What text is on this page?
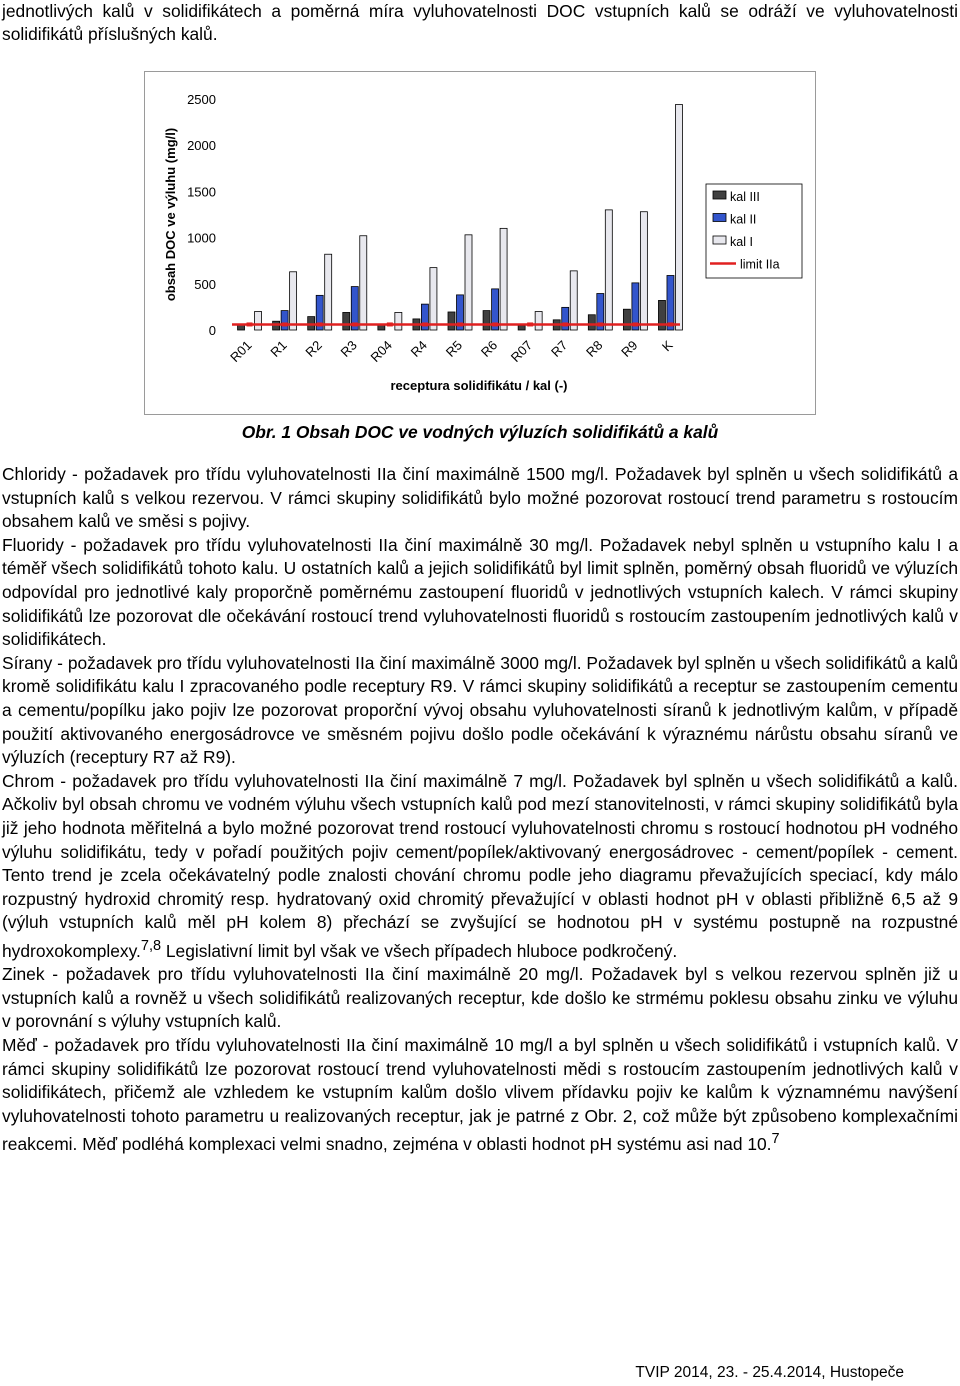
jednotlivých kalů v solidifikátech a poměrná míra vyluhovatelnosti DOC vstupních kalů se odráží ve vyluhovatelnosti solidifikátů příslušných kalů.
0
500
1000
1500
2000
2500
obsah DOC ve výluhu (mg/l)
R01 R1 R2 R3 R04 R4 R5 R6 R07 R7 R8 R9 K
receptura solidifikátu / kal (-)
kal III
kal II
kal I
limit IIa
Obr. 1 Obsah DOC ve vodných výluzích solidifikátů a kalů

Chloridy - požadavek pro třídu vyluhovatelnosti IIa činí maximálně 1500 mg/l. Požadavek byl splněn u všech solidifikátů a vstupních kalů s velkou rezervou. V rámci skupiny solidifikátů bylo možné pozorovat rostoucí trend parametru s rostoucím obsahem kalů ve směsi s pojivy.

Fluoridy - požadavek pro třídu vyluhovatelnosti IIa činí maximálně 30 mg/l. Požadavek nebyl splněn u vstupního kalu I a téměř všech solidifikátů tohoto kalu. U ostatních kalů a jejich solidifikátů byl limit splněn, poměrný obsah fluoridů ve výluzích odpovídal pro jednotlivé kaly proporčně poměrnému zastoupení fluoridů v jednotlivých vstupních kalech. V rámci skupiny solidifikátů lze pozorovat dle očekávání rostoucí trend vyluhovatelnosti fluoridů s rostoucím zastoupením jednotlivých kalů v solidifikátech.

Sírany - požadavek pro třídu vyluhovatelnosti IIa činí maximálně 3000 mg/l. Požadavek byl splněn u všech solidifikátů a kalů kromě solidifikátu kalu I zpracovaného podle receptury R9. V rámci skupiny solidifikátů a receptur se zastoupením cementu a cementu/popílku jako pojiv lze pozorovat proporční vývoj obsahu vyluhovatelnosti síranů k jednotlivým kalům, v případě použití aktivovaného energosádrovce ve směsném pojivu došlo podle očekávání k výraznému nárůstu obsahu síranů ve výluzích (receptury R7 až R9).

Chrom - požadavek pro třídu vyluhovatelnosti IIa činí maximálně 7 mg/l. Požadavek byl splněn u všech solidifikátů a kalů. Ačkoliv byl obsah chromu ve vodném výluhu všech vstupních kalů pod mezí stanovitelnosti, v rámci skupiny solidifikátů byla již jeho hodnota měřitelná a bylo možné pozorovat trend rostoucí vyluhovatelnosti chromu s rostoucí hodnotou pH vodného výluhu solidifikátu, tedy v pořadí použitých pojiv cement/popílek/aktivovaný energosádrovec - cement/popílek - cement. Tento trend je zcela očekávatelný podle znalosti chování chromu podle jeho diagramu převažujících speciací, kdy málo rozpustný hydroxid chromitý resp. hydratovaný oxid chromitý převažující v oblasti hodnot pH v oblasti přibližně 6,5 až 9 (výluh vstupních kalů měl pH kolem 8) přechází se zvyšující se hodnotou pH v systému postupně na rozpustné hydroxokomplexy.$^{7,8}$ Legislativní limit byl však ve všech případech hluboce podkročený.

Zinek - požadavek pro třídu vyluhovatelnosti IIa činí maximálně 20 mg/l. Požadavek byl s velkou rezervou splněn již u vstupních kalů a rovněž u všech solidifikátů realizovaných receptur, kde došlo ke strmému poklesu obsahu zinku ve výluhu v porovnání s výluhy vstupních kalů.

Měď - požadavek pro třídu vyluhovatelnosti IIa činí maximálně 10 mg/l a byl splněn u všech solidifikátů i vstupních kalů. V rámci skupiny solidifikátů lze pozorovat rostoucí trend vyluhovatelnosti mědi s rostoucím zastoupením jednotlivých kalů v solidifikátech, přičemž ale vzhledem ke vstupním kalům došlo vlivem přídavku pojiv ke kalům k významnému navýšení vyluhovatelnosti tohoto parametru u realizovaných receptur, jak je patrné z Obr. 2, což může být způsobeno komplexačními reakcemi. Měď podléhá komplexaci velmi snadno, zejména v oblasti hodnot pH systému asi nad 10.$^7$

TVIP 2014, 23. - 25.4.2014, Hustopeče
